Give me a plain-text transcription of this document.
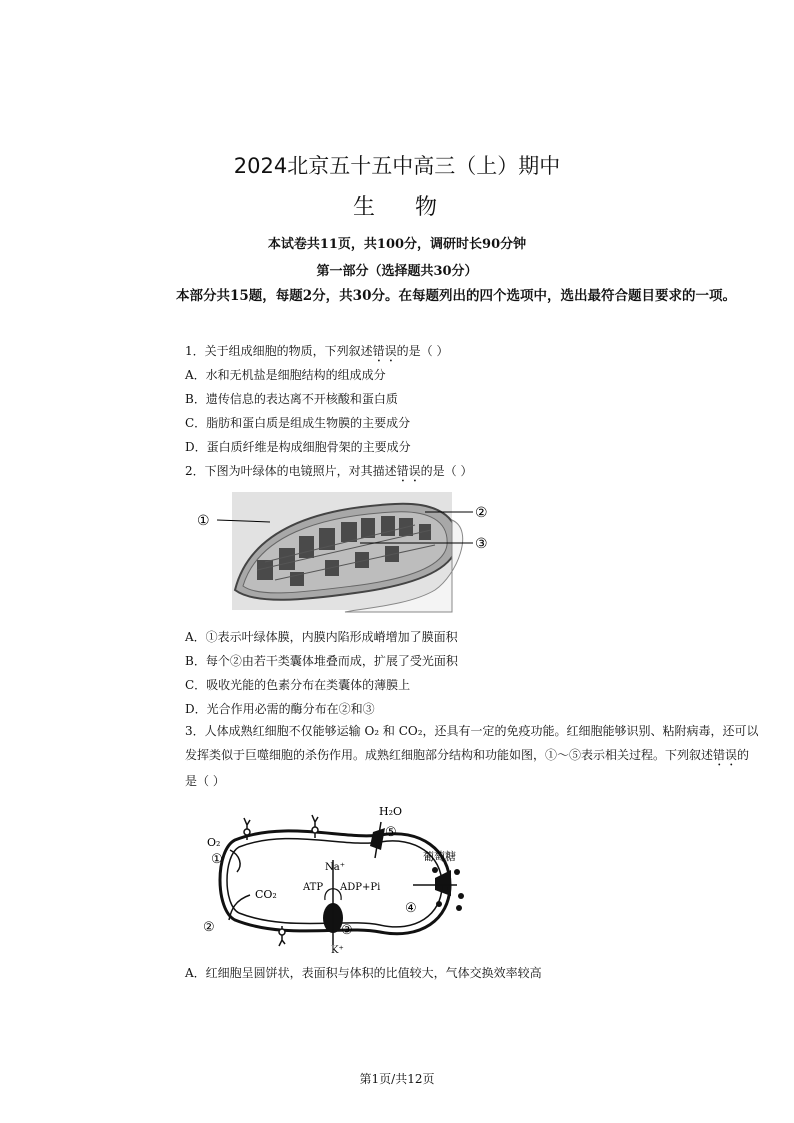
2024北京五十五中高三（上）期中
生物
本试卷共11页，共100分，调研时长90分钟
第一部分（选择题共30分）
本部分共15题，每题2分，共30分。在每题列出的四个选项中，选出最符合题目要求的一项。
1．关于组成细胞的物质，下列叙述错误的是（ ）
A．水和无机盐是细胞结构的组成成分
B．遗传信息的表达离不开核酸和蛋白质
C．脂肪和蛋白质是组成生物膜的主要成分
D．蛋白质纤维是构成细胞骨架的主要成分
2．下图为叶绿体的电镜照片，对其描述错误的是（ ）
①	②
③
A．①表示叶绿体膜，内膜内陷形成嵴增加了膜面积
B．每个②由若干类囊体堆叠而成，扩展了受光面积
C．吸收光能的色素分布在类囊体的薄膜上
D．光合作用必需的酶分布在②和③
3．人体成熟红细胞不仅能够运输 O₂ 和 CO₂，还具有一定的免疫功能。红细胞能够识别、粘附病毒，还可以发挥类似于巨噬细胞的杀伤作用。成熟红细胞部分结构和功能如图，①～⑤表示相关过程。下列叙述错误的是（ ）
H₂O
⑤
O₂
①
CO₂
②
Na⁺
ATP ADP+Pi
K⁺
③
葡萄糖
④
A．红细胞呈圆饼状，表面积与体积的比值较大，气体交换效率较高
第1页/共12页
